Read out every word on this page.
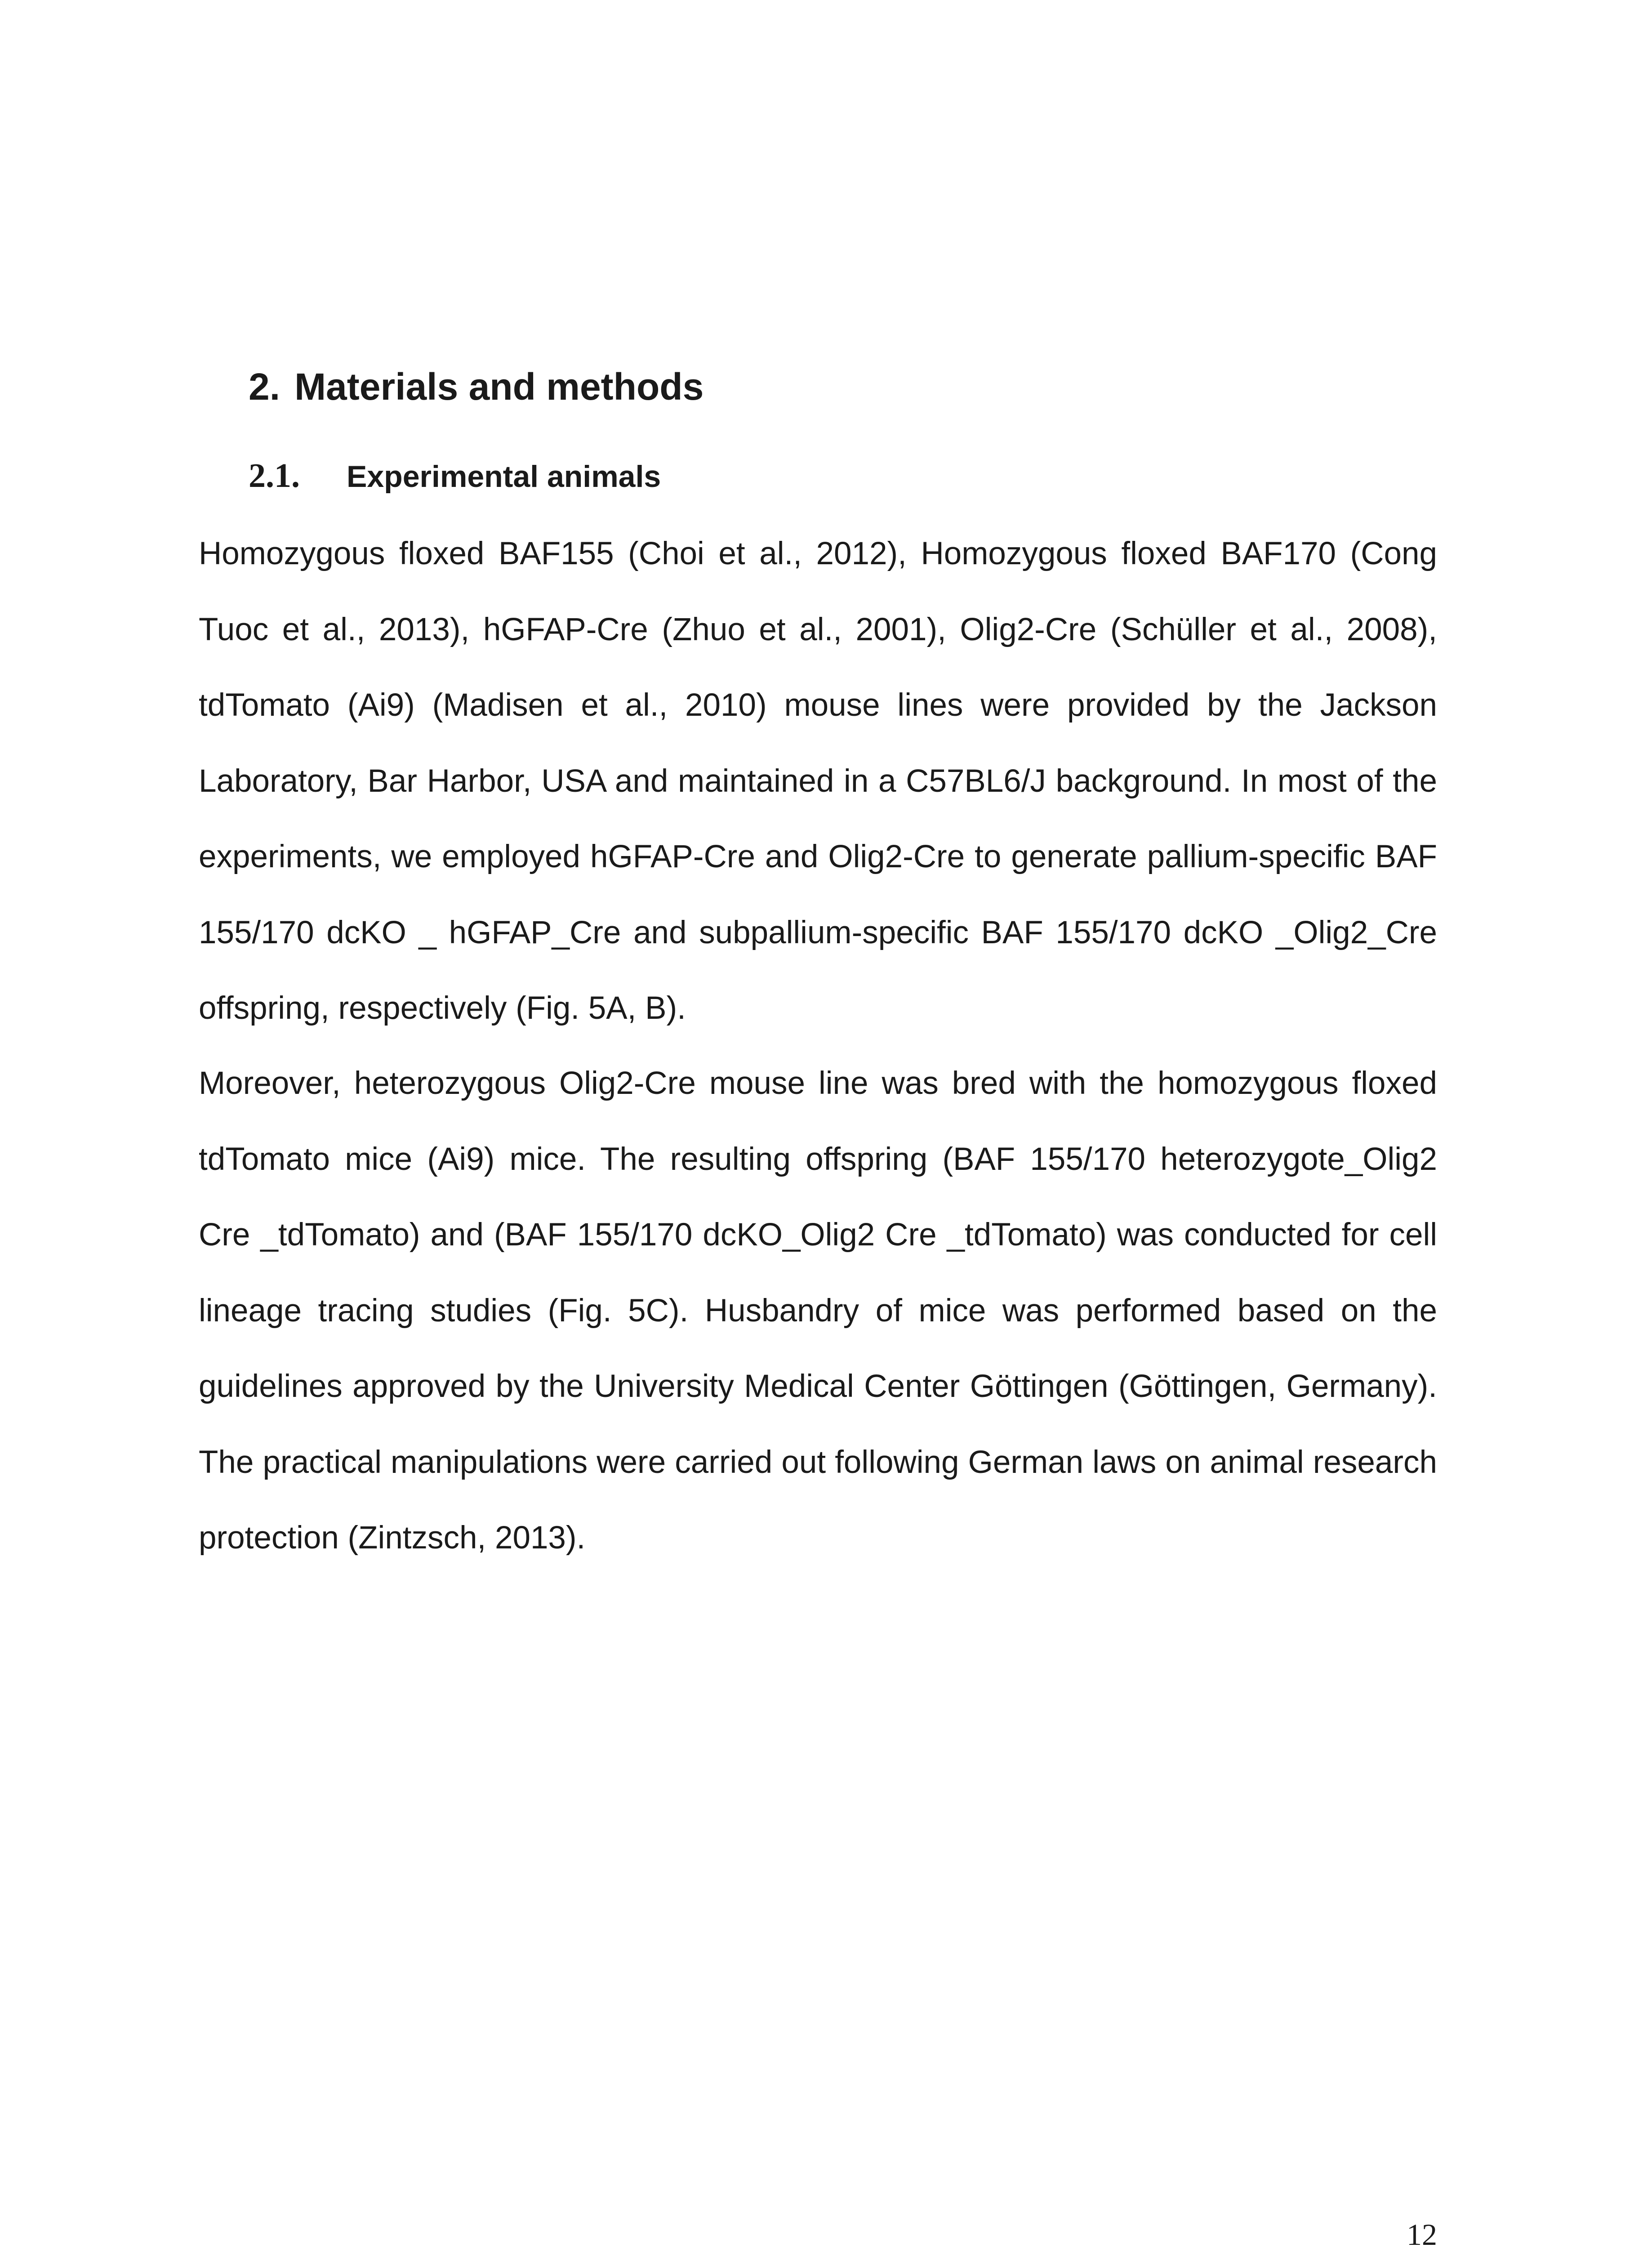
2. Materials and methods
2.1. Experimental animals

Homozygous floxed BAF155 (Choi et al., 2012), Homozygous floxed BAF170 (Cong Tuoc et al., 2013), hGFAP-Cre (Zhuo et al., 2001), Olig2-Cre (Schüller et al., 2008), tdTomato (Ai9) (Madisen et al., 2010) mouse lines were provided by the Jackson Laboratory, Bar Harbor, USA and maintained in a C57BL6/J background. In most of the experiments, we employed hGFAP-Cre and Olig2-Cre to generate pallium-specific BAF 155/170 dcKO _ hGFAP_Cre and subpallium-specific BAF 155/170 dcKO _Olig2_Cre offspring, respectively (Fig. 5A, B).

Moreover, heterozygous Olig2-Cre mouse line was bred with the homozygous floxed tdTomato mice (Ai9) mice. The resulting offspring (BAF 155/170 heterozygote_Olig2 Cre _tdTomato) and (BAF 155/170 dcKO_Olig2 Cre _tdTomato) was conducted for cell lineage tracing studies (Fig. 5C). Husbandry of mice was performed based on the guidelines approved by the University Medical Center Göttingen (Göttingen, Germany). The practical manipulations were carried out following German laws on animal research protection (Zintzsch, 2013).

12
